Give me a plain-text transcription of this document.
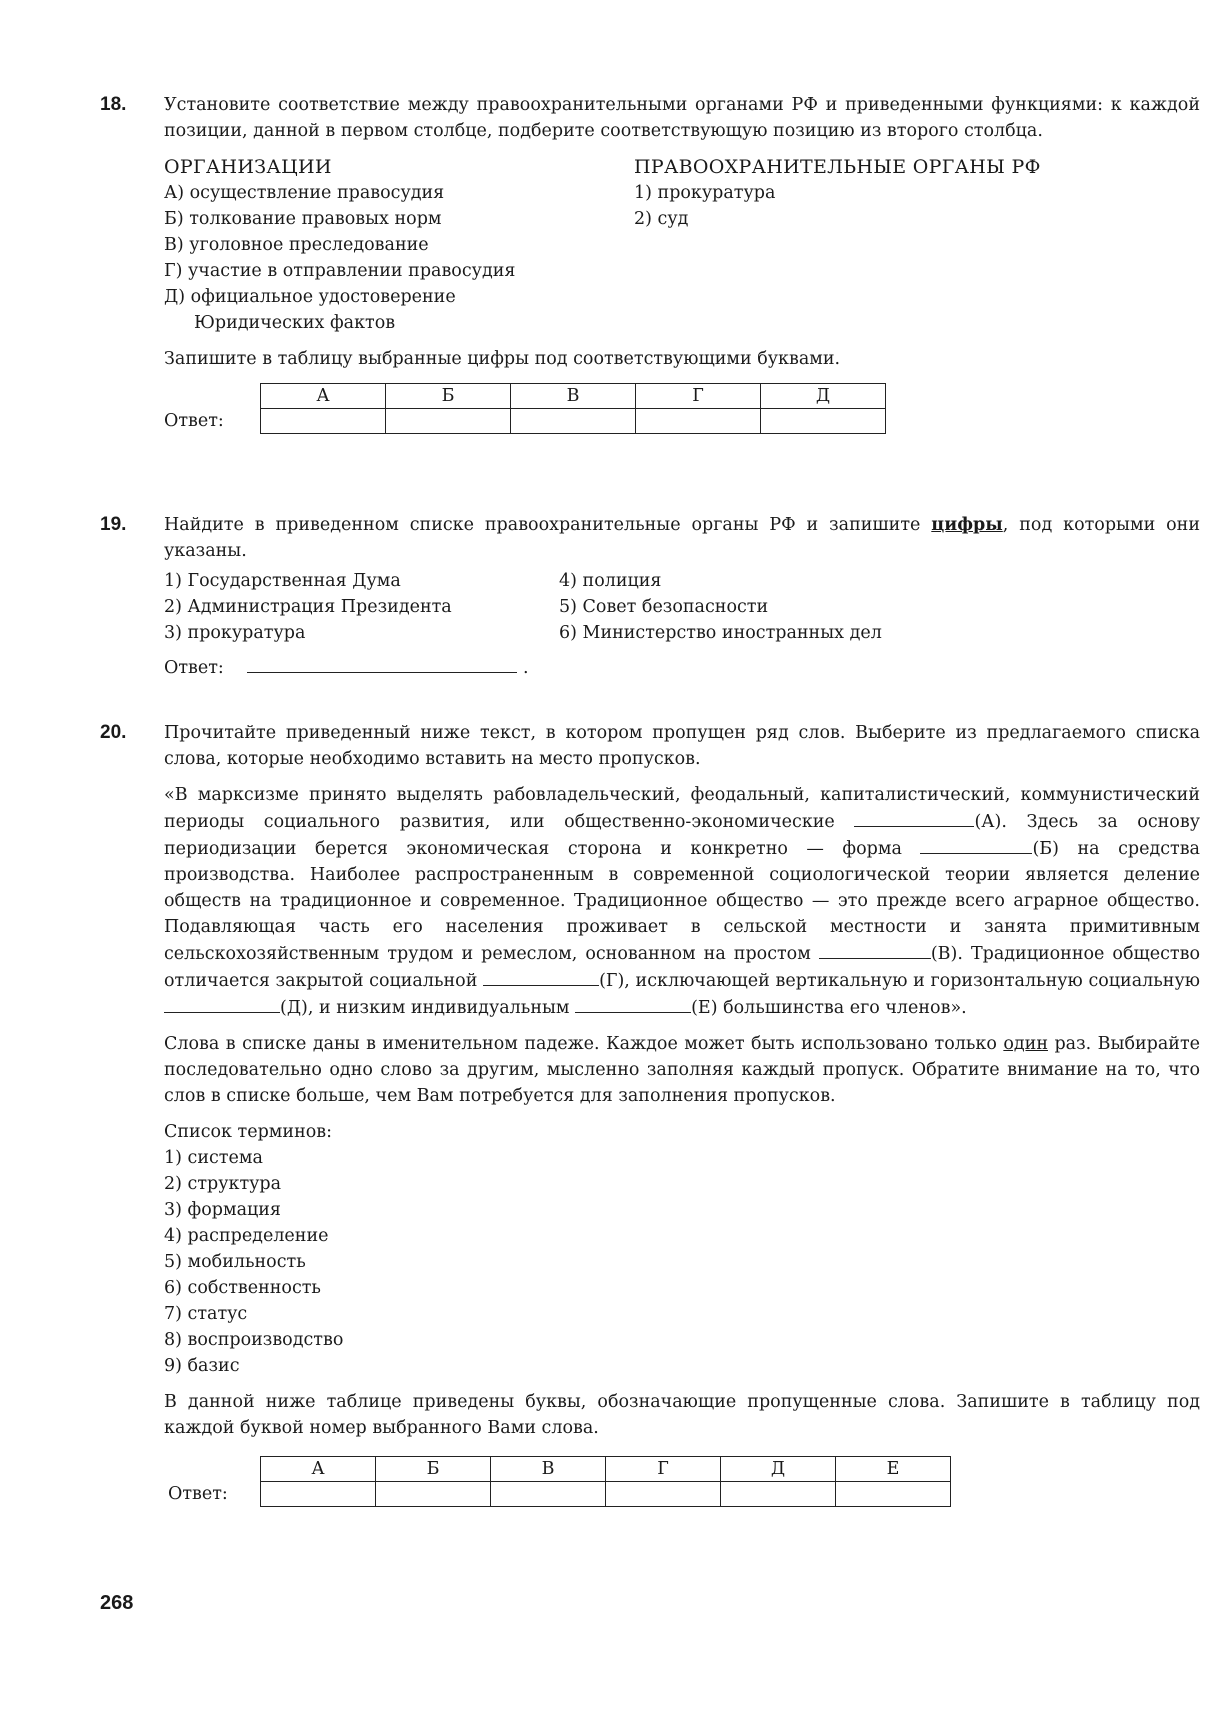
18. Установите соответствие между правоохранительными органами РФ и приведенными функциями: к каждой позиции, данной в первом столбце, подберите соответствующую позицию из второго столбца.
ОРГАНИЗАЦИИ
А) осуществление правосудия
Б) толкование правовых норм
В) уголовное преследование
Г) участие в отправлении правосудия
Д) официальное удостоверение
Юридических фактов
ПРАВООХРАНИТЕЛЬНЫЕ ОРГАНЫ РФ
1) прокуратура
2) суд
Запишите в таблицу выбранные цифры под соответствующими буквами.
Ответ:
А	Б	В	Г	Д

19. Найдите в приведенном списке правоохранительные органы РФ и запишите цифры, под которыми они указаны.
1) Государственная Дума
2) Администрация Президента
3) прокуратура
4) полиция
5) Совет безопасности
6) Министерство иностранных дел
Ответ:	.
20. Прочитайте приведенный ниже текст, в котором пропущен ряд слов. Выберите из предлагаемого списка слова, которые необходимо вставить на место пропусков.
«В марксизме принято выделять рабовладельческий, феодальный, капиталистический, коммунистический периоды социального развития, или общественно-экономические	(А). Здесь за основу периодизации берется экономическая сторона и конкретно — форма	(Б) на средства производства. Наиболее распространенным в современной социологической теории является деление обществ на традиционное и современное. Традиционное общество — это прежде всего аграрное общество. Подавляющая часть его населения проживает в сельской местности и занята примитивным сельскохозяйственным трудом и ремеслом, основанном на простом	(В). Традиционное общество отличается закрытой социальной	(Г), исключающей вертикальную и горизонтальную социальную(Д), и низким индивидуальным	(Е) большинства его членов».
Слова в списке даны в именительном падеже. Каждое может быть использовано только один раз. Выбирайте последовательно одно слово за другим, мысленно заполняя каждый пропуск. Обратите внимание на то, что слов в списке больше, чем Вам потребуется для заполнения пропусков.
Список терминов:
1) система
2) структура
3) формация
4) распределение
5) мобильность
6) собственность
7) статус
8) воспроизводство
9) базис
В данной ниже таблице приведены буквы, обозначающие пропущенные слова. Запишите в таблицу под каждой буквой номер выбранного Вами слова.
Ответ:
А	Б	В	Г	Д	Е

268
